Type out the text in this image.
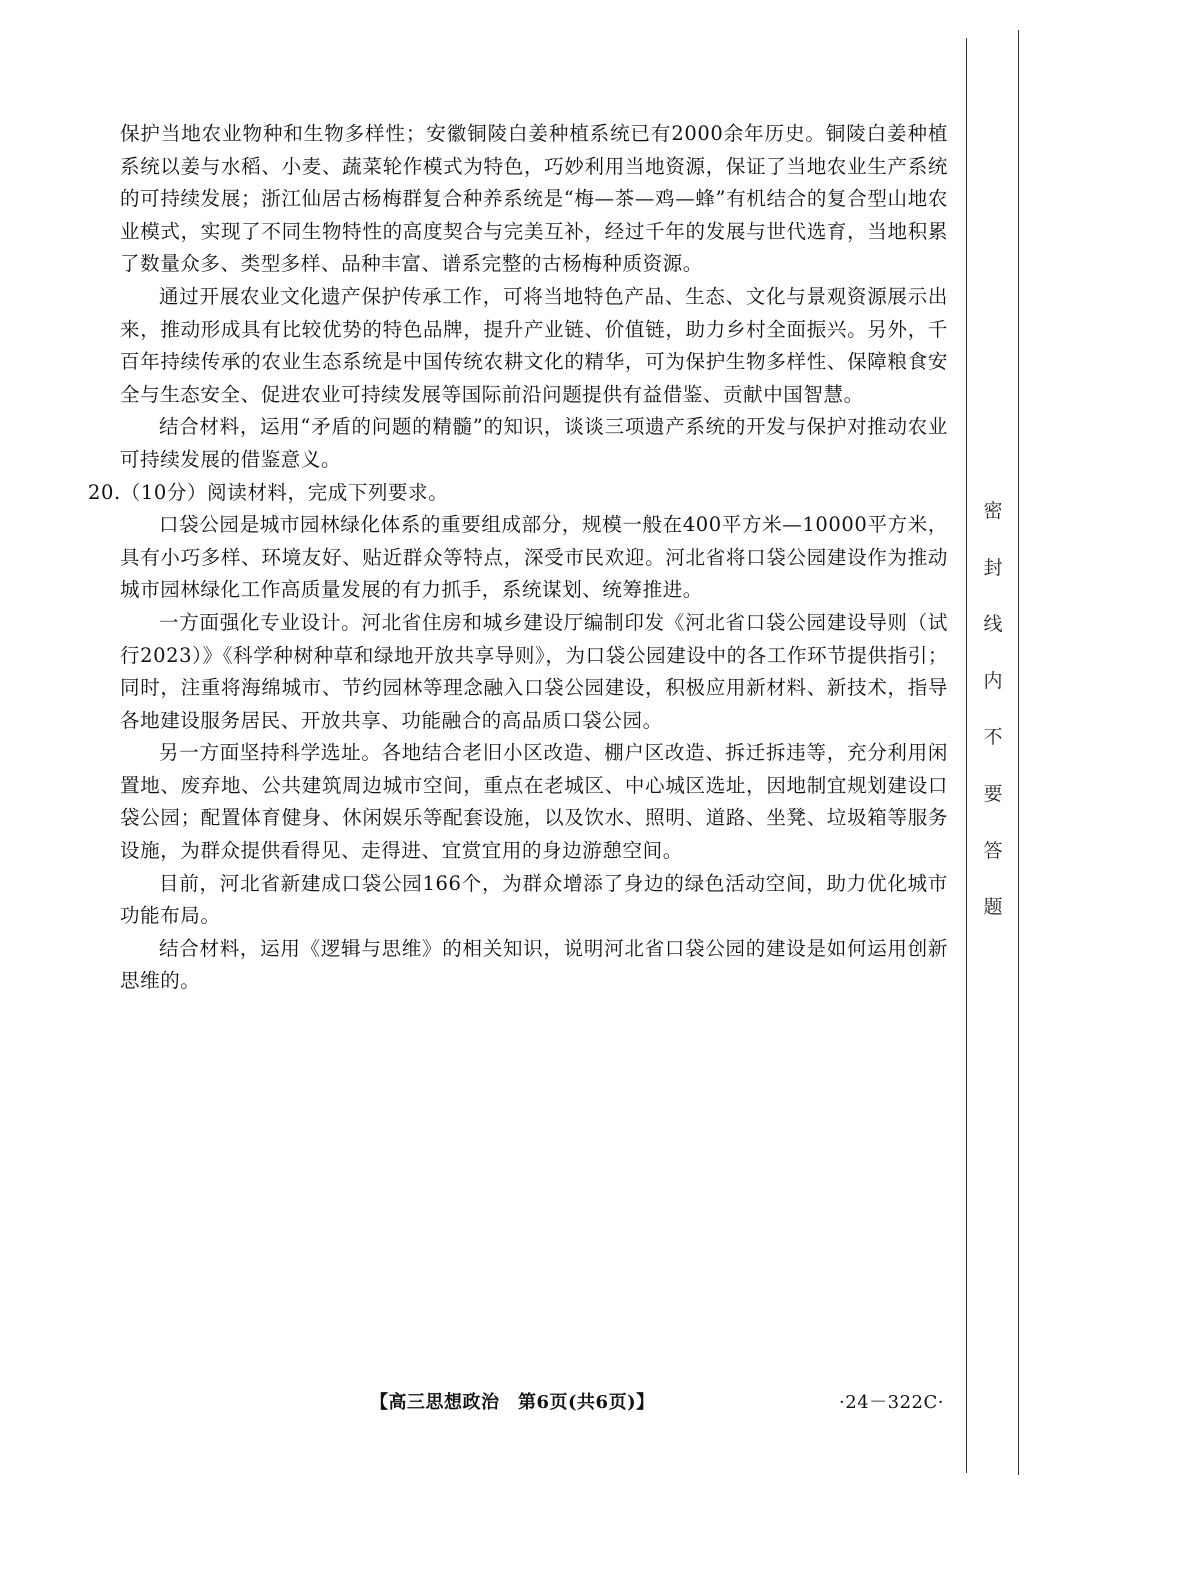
保护当地农业物种和生物多样性；安徽铜陵白姜种植系统已有2000余年历史。铜陵白姜种植系统以姜与水稻、小麦、蔬菜轮作模式为特色，巧妙利用当地资源，保证了当地农业生产系统的可持续发展；浙江仙居古杨梅群复合种养系统是“梅—茶—鸡—蜂”有机结合的复合型山地农业模式，实现了不同生物特性的高度契合与完美互补，经过千年的发展与世代选育，当地积累了数量众多、类型多样、品种丰富、谱系完整的古杨梅种质资源。

通过开展农业文化遗产保护传承工作，可将当地特色产品、生态、文化与景观资源展示出来，推动形成具有比较优势的特色品牌，提升产业链、价值链，助力乡村全面振兴。另外，千百年持续传承的农业生态系统是中国传统农耕文化的精华，可为保护生物多样性、保障粮食安全与生态安全、促进农业可持续发展等国际前沿问题提供有益借鉴、贡献中国智慧。

结合材料，运用“矛盾的问题的精髓”的知识，谈谈三项遗产系统的开发与保护对推动农业可持续发展的借鉴意义。

20.（10分）阅读材料，完成下列要求。

口袋公园是城市园林绿化体系的重要组成部分，规模一般在400平方米—10000平方米，具有小巧多样、环境友好、贴近群众等特点，深受市民欢迎。河北省将口袋公园建设作为推动城市园林绿化工作高质量发展的有力抓手，系统谋划、统筹推进。

一方面强化专业设计。河北省住房和城乡建设厅编制印发《河北省口袋公园建设导则（试行2023）》《科学种树种草和绿地开放共享导则》，为口袋公园建设中的各工作环节提供指引；同时，注重将海绵城市、节约园林等理念融入口袋公园建设，积极应用新材料、新技术，指导各地建设服务居民、开放共享、功能融合的高品质口袋公园。

另一方面坚持科学选址。各地结合老旧小区改造、棚户区改造、拆迁拆违等，充分利用闲置地、废弃地、公共建筑周边城市空间，重点在老城区、中心城区选址，因地制宜规划建设口袋公园；配置体育健身、休闲娱乐等配套设施，以及饮水、照明、道路、坐凳、垃圾箱等服务设施，为群众提供看得见、走得进、宜赏宜用的身边游憩空间。

目前，河北省新建成口袋公园166个，为群众增添了身边的绿色活动空间，助力优化城市功能布局。

结合材料，运用《逻辑与思维》的相关知识，说明河北省口袋公园的建设是如何运用创新思维的。

【高三思想政治　第6页(共6页)】	·24－322C·
密
封
线
内
不
要
答
题
